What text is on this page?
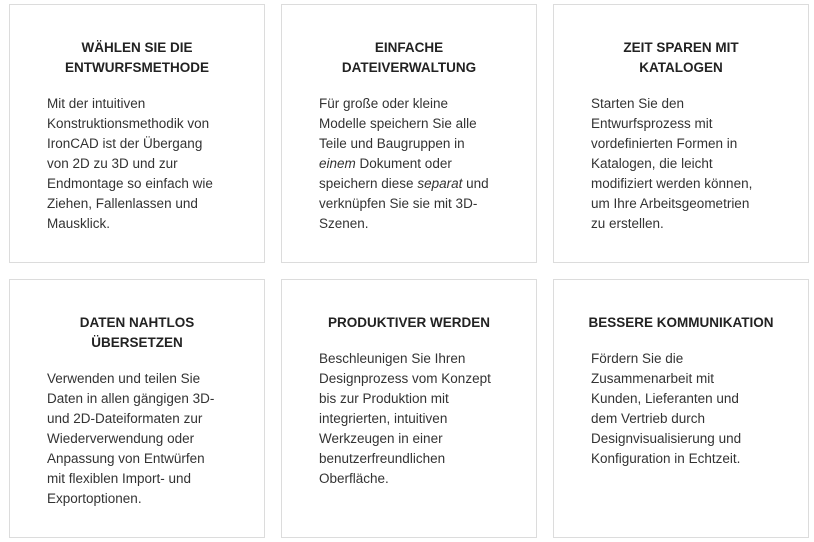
WÄHLEN SIE DIE
ENTWURFSMETHODE

Mit der intuitiven
Konstruktionsmethodik von
IronCAD ist der Übergang
von 2D zu 3D und zur
Endmontage so einfach wie
Ziehen, Fallenlassen und
Mausklick.

EINFACHE
DATEIVERWALTUNG

Für große oder kleine
Modelle speichern Sie alle
Teile und Baugruppen in
einem Dokument oder
speichern diese separat und
verknüpfen Sie sie mit 3D-
Szenen.

ZEIT SPAREN MIT
KATALOGEN

Starten Sie den
Entwurfsprozess mit
vordefinierten Formen in
Katalogen, die leicht
modifiziert werden können,
um Ihre Arbeitsgeometrien
zu erstellen.

DATEN NAHTLOS
ÜBERSETZEN

Verwenden und teilen Sie
Daten in allen gängigen 3D-
und 2D-Dateiformaten zur
Wiederverwendung oder
Anpassung von Entwürfen
mit flexiblen Import- und
Exportoptionen.

PRODUKTIVER WERDEN

Beschleunigen Sie Ihren
Designprozess vom Konzept
bis zur Produktion mit
integrierten, intuitiven
Werkzeugen in einer
benutzerfreundlichen
Oberfläche.

BESSERE KOMMUNIKATION

Fördern Sie die
Zusammenarbeit mit
Kunden, Lieferanten und
dem Vertrieb durch
Designvisualisierung und
Konfiguration in Echtzeit.
